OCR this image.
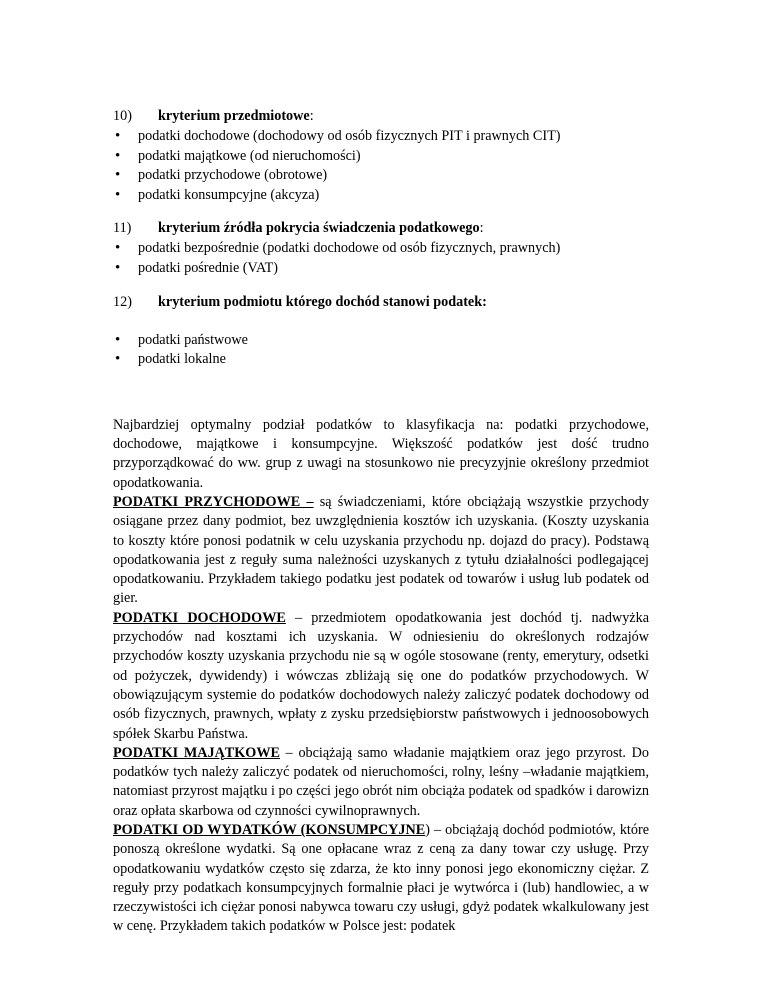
10) kryterium przedmiotowe:
• podatki dochodowe (dochodowy od osób fizycznych PIT i prawnych CIT)
• podatki majątkowe (od nieruchomości)
• podatki przychodowe (obrotowe)
• podatki konsumpcyjne (akcyza)
11) kryterium źródła pokrycia świadczenia podatkowego:
• podatki bezpośrednie (podatki dochodowe od osób fizycznych, prawnych)
• podatki pośrednie (VAT)
12) kryterium podmiotu którego dochód stanowi podatek:
• podatki państwowe
• podatki lokalne

Najbardziej optymalny podział podatków to klasyfikacja na: podatki przychodowe, dochodowe, majątkowe i konsumpcyjne. Większość podatków jest dość trudno przyporządkować do ww. grup z uwagi na stosunkowo nie precyzyjnie określony przedmiot opodatkowania.

PODATKI PRZYCHODOWE – są świadczeniami, które obciążają wszystkie przychody osiągane przez dany podmiot, bez uwzględnienia kosztów ich uzyskania. (Koszty uzyskania to koszty które ponosi podatnik w celu uzyskania przychodu np. dojazd do pracy). Podstawą opodatkowania jest z reguły suma należności uzyskanych z tytułu działalności podlegającej opodatkowaniu. Przykładem takiego podatku jest podatek od towarów i usług lub podatek od gier.

PODATKI DOCHODOWE – przedmiotem opodatkowania jest dochód tj. nadwyżka przychodów nad kosztami ich uzyskania. W odniesieniu do określonych rodzajów przychodów koszty uzyskania przychodu nie są w ogóle stosowane (renty, emerytury, odsetki od pożyczek, dywidendy) i wówczas zbliżają się one do podatków przychodowych. W obowiązującym systemie do podatków dochodowych należy zaliczyć podatek dochodowy od osób fizycznych, prawnych, wpłaty z zysku przedsiębiorstw państwowych i jednoosobowych spółek Skarbu Państwa.

PODATKI MAJĄTKOWE – obciążają samo władanie majątkiem oraz jego przyrost. Do podatków tych należy zaliczyć podatek od nieruchomości, rolny, leśny –władanie majątkiem, natomiast przyrost majątku i po części jego obrót nim obciąża podatek od spadków i darowizn oraz opłata skarbowa od czynności cywilnoprawnych.

PODATKI OD WYDATKÓW (KONSUMPCYJNE) – obciążają dochód podmiotów, które ponoszą określone wydatki. Są one opłacane wraz z ceną za dany towar czy usługę. Przy opodatkowaniu wydatków często się zdarza, że kto inny ponosi jego ekonomiczny ciężar. Z reguły przy podatkach konsumpcyjnych formalnie płaci je wytwórca i (lub) handlowiec, a w rzeczywistości ich ciężar ponosi nabywca towaru czy usługi, gdyż podatek wkalkulowany jest w cenę. Przykładem takich podatków w Polsce jest: podatek
